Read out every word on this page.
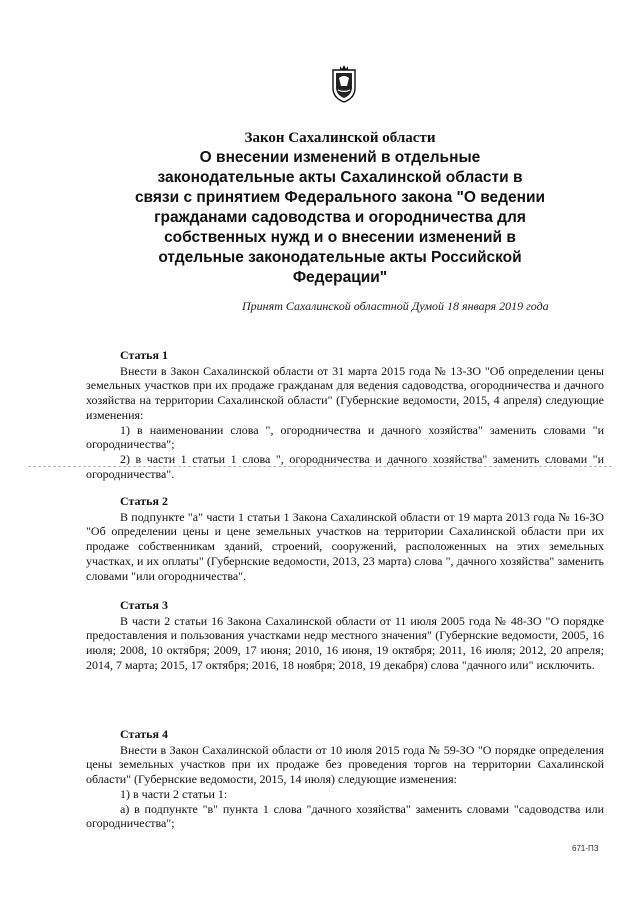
Закон Сахалинской области
О внесении изменений в отдельные
законодательные акты Сахалинской области в
связи с принятием Федерального закона "О ведении
гражданами садоводства и огородничества для
собственных нужд и о внесении изменений в
отдельные законодательные акты Российской
Федерации"
Принят Сахалинской областной Думой 18 января 2019 года
Статья 1

Внести в Закон Сахалинской области от 31 марта 2015 года № 13-ЗО "Об определении цены земельных участков при их продаже гражданам для ведения садоводства, огородничества и дачного хозяйства на территории Сахалинской области" (Губернские ведомости, 2015, 4 апреля) следующие изменения:

1) в наименовании слова ", огородничества и дачного хозяйства" заменить словами "и огородничества";

2) в части 1 статьи 1 слова ", огородничества и дачного хозяйства" заменить словами "и огородничества".

Статья 2

В подпункте "а" части 1 статьи 1 Закона Сахалинской области от 19 марта 2013 года № 16-ЗО "Об определении цены и цене земельных участков на территории Сахалинской области при их продаже собственникам зданий, строений, сооружений, расположенных на этих земельных участках, и их оплаты" (Губернские ведомости, 2013, 23 марта) слова ", дачного хозяйства" заменить словами "или огородничества".

Статья 3

В части 2 статьи 16 Закона Сахалинской области от 11 июля 2005 года № 48-ЗО "О порядке предоставления и пользования участками недр местного значения" (Губернские ведомости, 2005, 16 июля; 2008, 10 октября; 2009, 17 июня; 2010, 16 июня, 19 октября; 2011, 16 июля; 2012, 20 апреля; 2014, 7 марта; 2015, 17 октября; 2016, 18 ноября; 2018, 19 декабря) слова "дачного или" исключить.

Статья 4

Внести в Закон Сахалинской области от 10 июля 2015 года № 59-ЗО "О порядке определения цены земельных участков при их продаже без проведения торгов на территории Сахалинской области" (Губернские ведомости, 2015, 14 июля) следующие изменения:

1) в части 2 статьи 1:

а) в подпункте "в" пункта 1 слова "дачного хозяйства" заменить словами "садоводства или огородничества";

671-ПЗ
